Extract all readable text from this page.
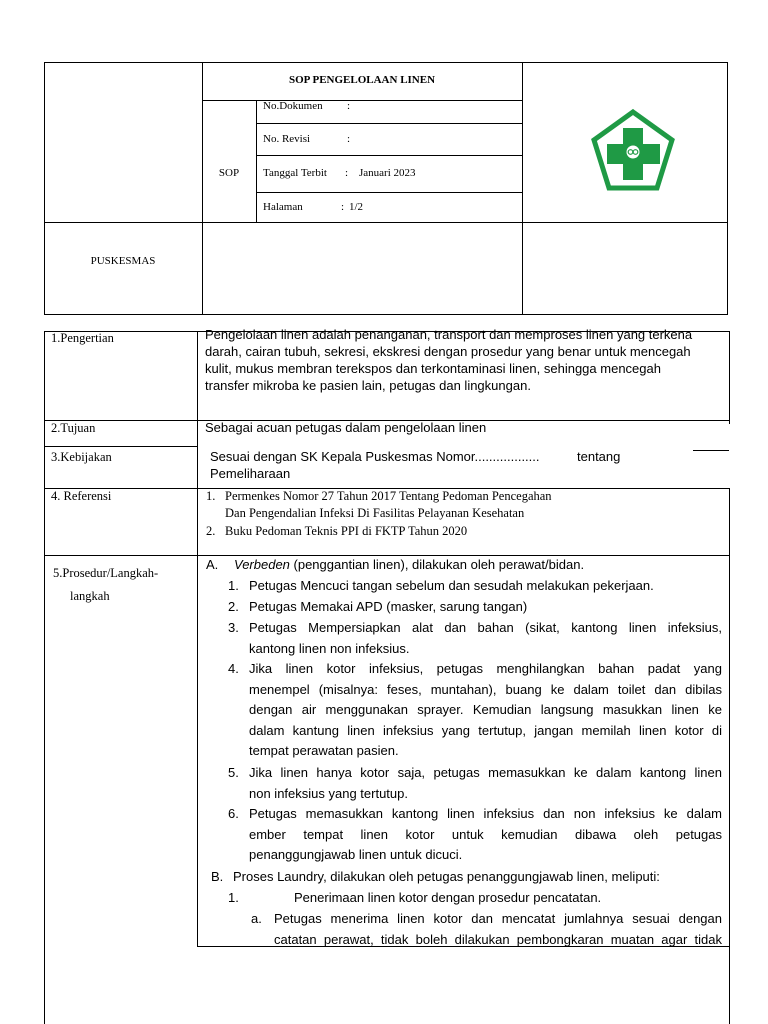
SOP PENGELOLAAN LINEN
SOP
No.Dokumen :
No. Revisi	:
Tanggal Terbit : Januari 2023
Halaman	: 1/2
PUSKESMAS
1.Pengertian	Pengelolaan linen adalah penanganan, transport dan memproses linen yang terkena
darah, cairan tubuh, sekresi, ekskresi dengan prosedur yang benar untuk mencegah
kulit, mukus membran terekspos dan terkontaminasi linen, sehingga mencegah
transfer mikroba ke pasien lain, petugas dan lingkungan.
2.Tujuan	Sebagai acuan petugas dalam pengelolaan linen
3.Kebijakan	Sesuai dengan SK Kepala Puskesmas Nomor..................	tentang
Pemeliharaan
4. Referensi	1. Permenkes Nomor 27 Tahun 2017 Tentang Pedoman Pencegahan
Dan Pengendalian Infeksi Di Fasilitas Pelayanan Kesehatan
2. Buku Pedoman Teknis PPI di FKTP Tahun 2020
5.Prosedur/Langkah-
langkah
A. Verbeden (penggantian linen), dilakukan oleh perawat/bidan.
1. Petugas Mencuci tangan sebelum dan sesudah melakukan pekerjaan.
2. Petugas Memakai APD (masker, sarung tangan)
3. Petugas Mempersiapkan alat dan bahan (sikat, kantong linen infeksius,
kantong linen non infeksius.
4. Jika linen kotor infeksius, petugas menghilangkan bahan padat yang
menempel (misalnya: feses, muntahan), buang ke dalam toilet dan dibilas
dengan air menggunakan sprayer. Kemudian langsung masukkan linen ke
dalam kantung linen infeksius yang tertutup, jangan memilah linen kotor di
tempat perawatan pasien.
5. Jika linen hanya kotor saja, petugas memasukkan ke dalam kantong linen
non infeksius yang tertutup.
6. Petugas memasukkan kantong linen infeksius dan non infeksius ke dalam
ember tempat linen kotor untuk kemudian dibawa oleh petugas
penanggungjawab linen untuk dicuci.
B. Proses Laundry, dilakukan oleh petugas penanggungjawab linen, meliputi:
1.	Penerimaan linen kotor dengan prosedur pencatatan.
a. Petugas menerima linen kotor dan mencatat jumlahnya sesuai dengan
catatan perawat, tidak boleh dilakukan pembongkaran muatan agar tidak
